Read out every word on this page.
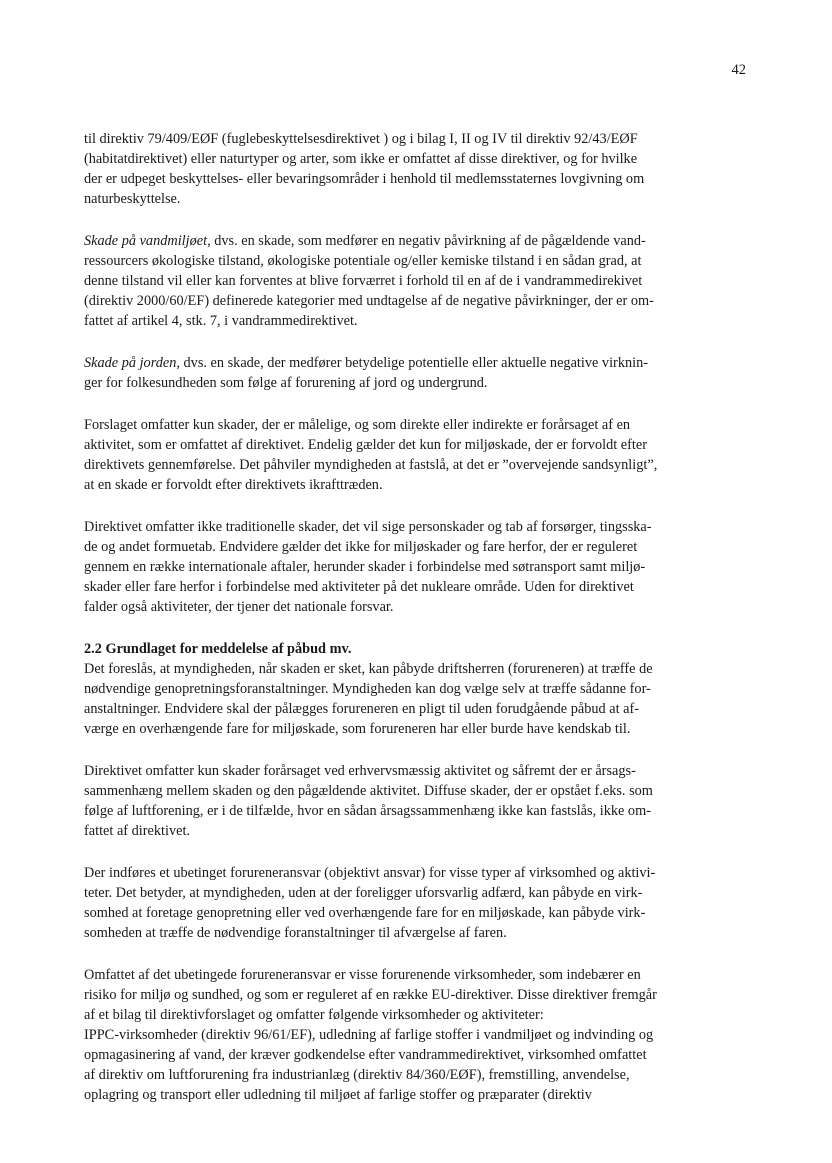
42
til direktiv 79/409/EØF (fuglebeskyttelsesdirektivet ) og i bilag I, II og IV til direktiv 92/43/EØF
(habitatdirektivet) eller naturtyper og arter, som ikke er omfattet af disse direktiver, og for hvilke
der er udpeget beskyttelses- eller bevaringsområder i henhold til medlemsstaternes lovgivning om
naturbeskyttelse.
Skade på vandmiljøet, dvs. en skade, som medfører en negativ påvirkning af de pågældende vand-
ressourcers økologiske tilstand, økologiske potentiale og/eller kemiske tilstand i en sådan grad, at
denne tilstand vil eller kan forventes at blive forværret i forhold til en af de i vandrammedirekivet
(direktiv 2000/60/EF) definerede kategorier med undtagelse af de negative påvirkninger, der er om-
fattet af artikel 4, stk. 7, i vandrammedirektivet.
Skade på jorden, dvs. en skade, der medfører betydelige potentielle eller aktuelle negative virknin-
ger for folkesundheden som følge af forurening af jord og undergrund.
Forslaget omfatter kun skader, der er målelige, og som direkte eller indirekte er forårsaget af en
aktivitet, som er omfattet af direktivet. Endelig gælder det kun for miljøskade, der er forvoldt efter
direktivets gennemførelse. Det påhviler myndigheden at fastslå, at det er ”overvejende sandsynligt”,
at en skade er forvoldt efter direktivets ikrafttræden.
Direktivet omfatter ikke traditionelle skader, det vil sige personskader og tab af forsørger, tingsska-
de og andet formuetab. Endvidere gælder det ikke for miljøskader og fare herfor, der er reguleret
gennem en række internationale aftaler, herunder skader i forbindelse med søtransport samt miljø-
skader eller fare herfor i forbindelse med aktiviteter på det nukleare område. Uden for direktivet
falder også aktiviteter, der tjener det nationale forsvar.
2.2 Grundlaget for meddelelse af påbud mv.
Det foreslås, at myndigheden, når skaden er sket, kan påbyde driftsherren (forureneren) at træffe de
nødvendige genopretningsforanstaltninger. Myndigheden kan dog vælge selv at træffe sådanne for-
anstaltninger. Endvidere skal der pålægges forureneren en pligt til uden forudgående påbud at af-
værge en overhængende fare for miljøskade, som forureneren har eller burde have kendskab til.
Direktivet omfatter kun skader forårsaget ved erhvervsmæssig aktivitet og såfremt der er årsags-
sammenhæng mellem skaden og den pågældende aktivitet. Diffuse skader, der er opstået f.eks. som
følge af luftforening, er i de tilfælde, hvor en sådan årsagssammenhæng ikke kan fastslås, ikke om-
fattet af direktivet.
Der indføres et ubetinget forureneransvar (objektivt ansvar) for visse typer af virksomhed og aktivi-
teter. Det betyder, at myndigheden, uden at der foreligger uforsvarlig adfærd, kan påbyde en virk-
somhed at foretage genopretning eller ved overhængende fare for en miljøskade, kan påbyde virk-
somheden at træffe de nødvendige foranstaltninger til afværgelse af faren.
Omfattet af det ubetingede forureneransvar er visse forurenende virksomheder, som indebærer en
risiko for miljø og sundhed, og som er reguleret af en række EU-direktiver. Disse direktiver fremgår
af et bilag til direktivforslaget og omfatter følgende virksomheder og aktiviteter:
IPPC-virksomheder (direktiv 96/61/EF), udledning af farlige stoffer i vandmiljøet og indvinding og
opmagasinering af vand, der kræver godkendelse efter vandrammedirektivet, virksomhed omfattet
af direktiv om luftforurening fra industrianlæg (direktiv 84/360/EØF), fremstilling, anvendelse,
oplagring og transport eller udledning til miljøet af farlige stoffer og præparater (direktiv
